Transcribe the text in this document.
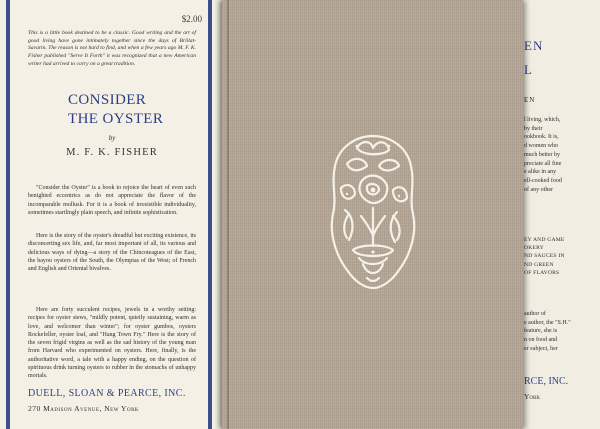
$2.00

This is a little book destined to be a classic. Good writing and the art of good living have gone intimately together since the days of Brillat-Savarin. The reason is not hard to find, and when a few years ago M. F. K. Fisher published "Serve It Forth" it was recognized that a new American writer had arrived to carry on a great tradition.

CONSIDER
THE OYSTER

by

M. F. K. FISHER

"Consider the Oyster" is a book to rejoice the heart of even such benighted eccentrics as do not appreciate the flavor of the incomparable mollusk. For it is a book of irresistible individuality, sometimes startlingly plain speech, and infinite sophistication.

Here is the story of the oyster's dreadful but exciting existence, its disconcerting sex life, and, far most important of all, its various and delicious ways of dying—a story of the Chincoteagues of the East, the bayou oysters of the South, the Olympias of the West; of French and English and Oriental bivalves.

Here are forty succulent recipes, jewels in a worthy setting: recipes for oyster stews, "mildly potent, quietly sustaining, warm as love, and welcomer than winter"; for oyster gumbos, oysters Rockefeller, oyster loaf, and "Hang Town Fry." Here is the story of the seven frigid virgins as well as the sad history of the young man from Harvard who experimented on oysters. Here, finally, is the authoritative word, a tale with a happy ending, on the question of spirituous drink turning oysters to rubber in the stomachs of unhappy mortals.

DUELL, SLOAN & PEARCE, INC.

270 Madison Avenue, New York

EN

L

EN

l living, which,
by their
ookbook. It is,
d women who
much better by
preciate all fine
e alike in any
ell-cooked food
of any other

EY AND GAME
OKERY
ND SAUCES IN
ND GREEN
OF FLAVORS

author of
e author, the "S.H."
feature, she is
n on food and
er subject, her

RCE, INC.

York
